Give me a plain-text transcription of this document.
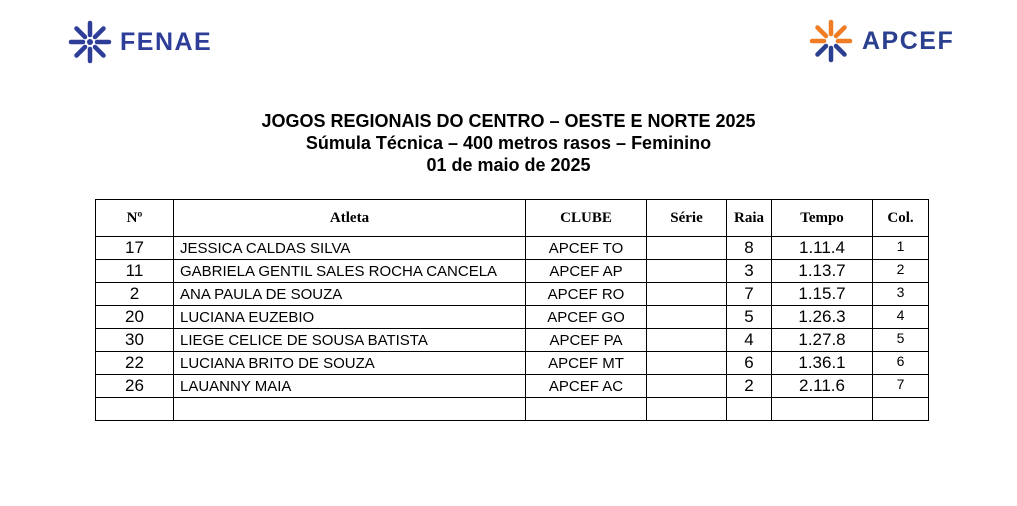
FENAE	APCEF
JOGOS REGIONAIS DO CENTRO – OESTE E NORTE 2025
Súmula Técnica – 400 metros rasos – Feminino
01 de maio de 2025
Nº	Atleta	CLUBE	Série	Raia	Tempo	Col.
17	JESSICA CALDAS SILVA	APCEF TO		8	1.11.4	1
11	GABRIELA GENTIL SALES ROCHA CANCELA	APCEF AP		3	1.13.7	2
2	ANA PAULA DE SOUZA	APCEF RO		7	1.15.7	3
20	LUCIANA EUZEBIO	APCEF GO		5	1.26.3	4
30	LIEGE CELICE DE SOUSA BATISTA	APCEF PA		4	1.27.8	5
22	LUCIANA BRITO DE SOUZA	APCEF MT		6	1.36.1	6
26	LAUANNY MAIA	APCEF AC		2	2.11.6	7
